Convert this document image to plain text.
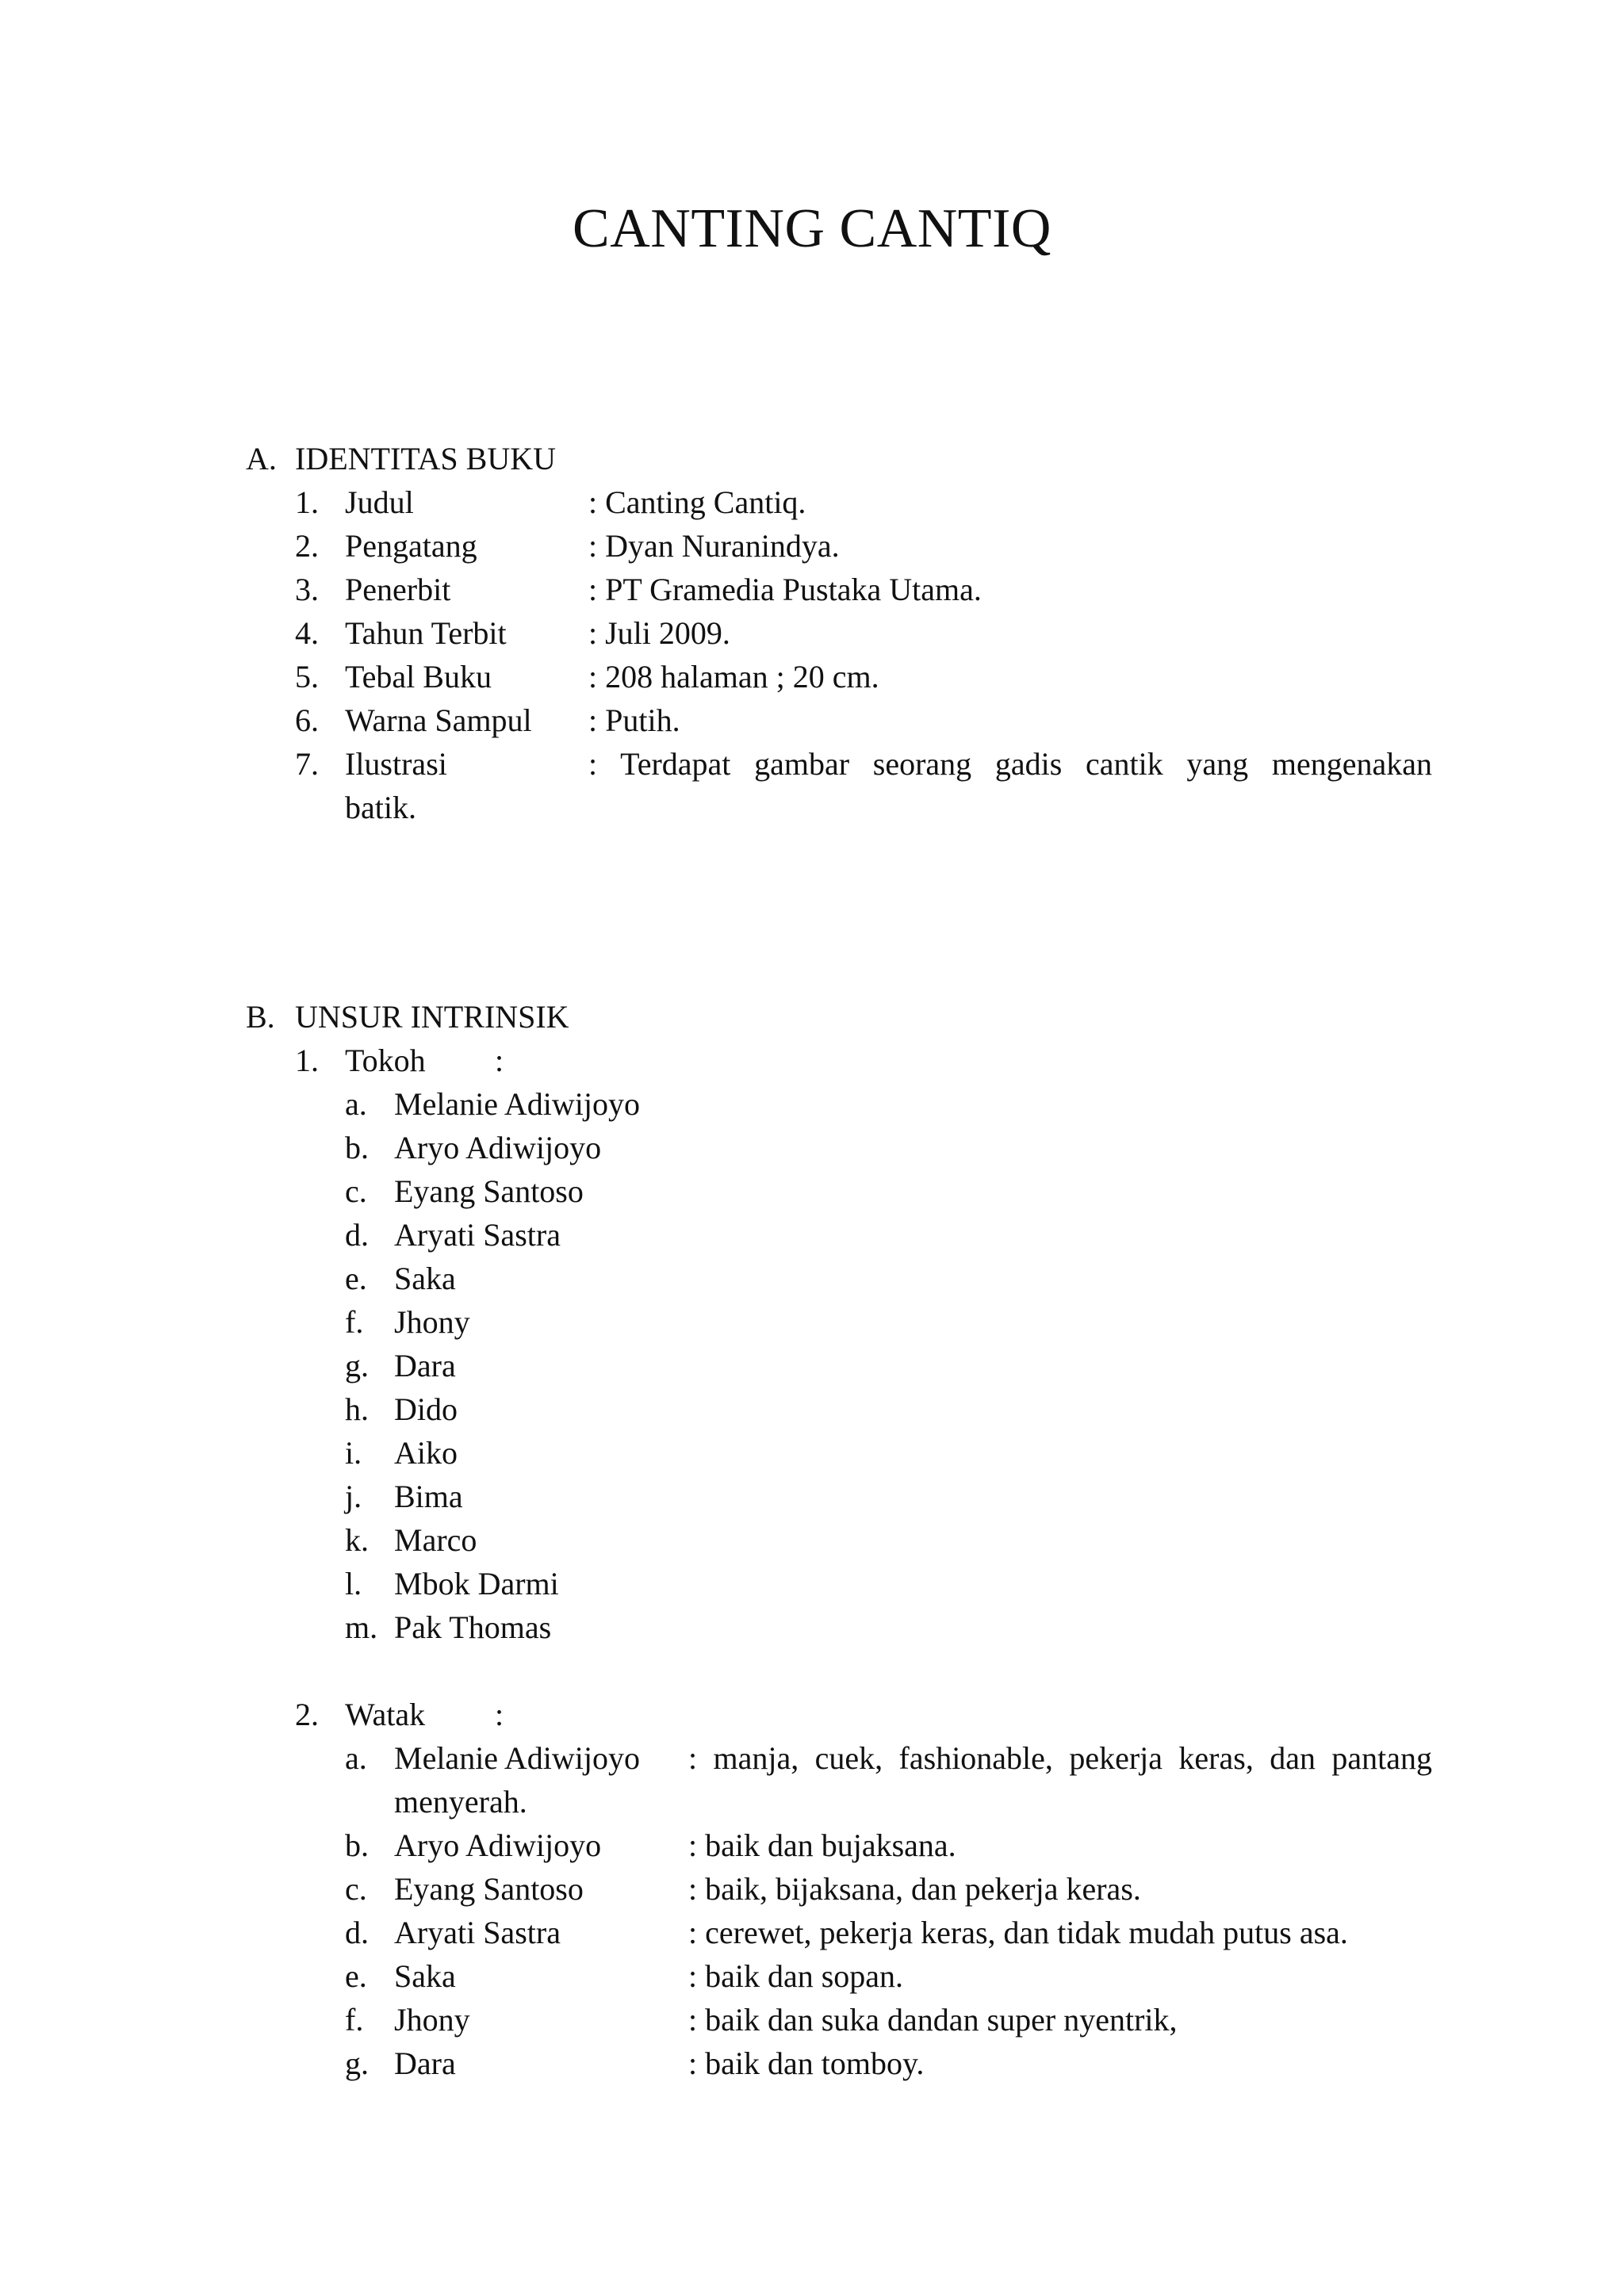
CANTING CANTIQ
A. IDENTITAS BUKU
1. Judul	: Canting Cantiq.
2. Pengatang	: Dyan Nuranindya.
3. Penerbit	: PT Gramedia Pustaka Utama.
4. Tahun Terbit	: Juli 2009.
5. Tebal Buku	: 208 halaman ; 20 cm.
6. Warna Sampul : Putih.
7. Ilustrasi	: Terdapat gambar seorang gadis cantik yang mengenakan
batik.
B. UNSUR INTRINSIK
1. Tokoh :
a. Melanie Adiwijoyo
b. Aryo Adiwijoyo
c. Eyang Santoso
d. Aryati Sastra
e. Saka
f. Jhony
g. Dara
h. Dido
i. Aiko
j. Bima
k. Marco
l. Mbok Darmi
m. Pak Thomas
2. Watak :
a. Melanie Adiwijoyo : manja, cuek, fashionable, pekerja keras, dan pantang
menyerah.
b. Aryo Adiwijoyo	: baik dan bujaksana.
c. Eyang Santoso	: baik, bijaksana, dan pekerja keras.
d. Aryati Sastra	: cerewet, pekerja keras, dan tidak mudah putus asa.
e. Saka	: baik dan sopan.
f. Jhony	: baik dan suka dandan super nyentrik,
g. Dara	: baik dan tomboy.
